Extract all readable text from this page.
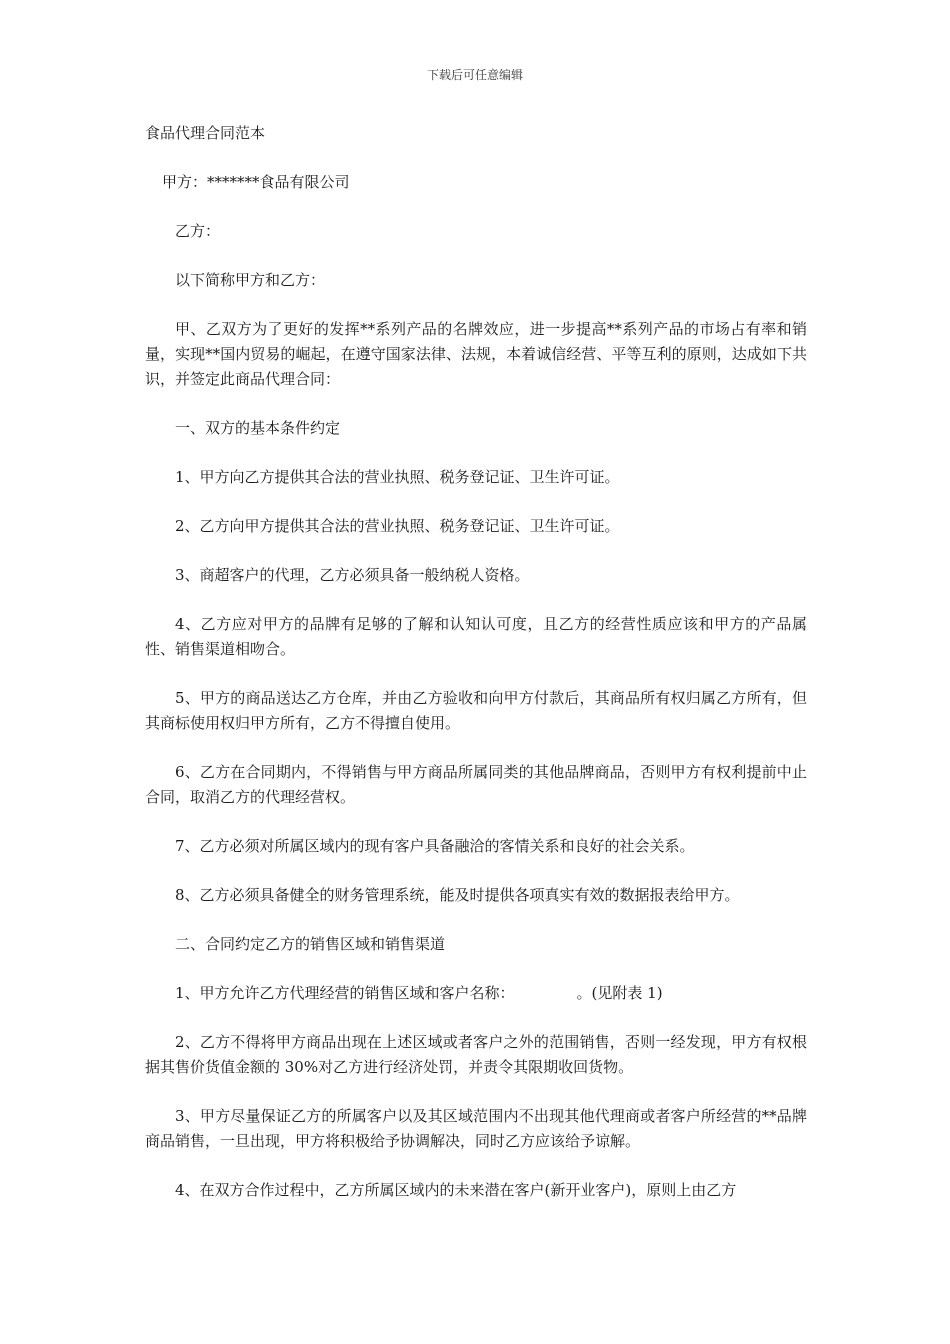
下载后可任意编辑

食品代理合同范本

甲方：*******食品有限公司

乙方：

以下简称甲方和乙方：

甲、乙双方为了更好的发挥**系列产品的名牌效应，进一步提高**系列产品的市场占有率和销量，实现**国内贸易的崛起，在遵守国家法律、法规，本着诚信经营、平等互利的原则，达成如下共识，并签定此商品代理合同：

一、双方的基本条件约定

1、甲方向乙方提供其合法的营业执照、税务登记证、卫生许可证。

2、乙方向甲方提供其合法的营业执照、税务登记证、卫生许可证。

3、商超客户的代理，乙方必须具备一般纳税人资格。

4、乙方应对甲方的品牌有足够的了解和认知认可度，且乙方的经营性质应该和甲方的产品属性、销售渠道相吻合。

5、甲方的商品送达乙方仓库，并由乙方验收和向甲方付款后，其商品所有权归属乙方所有，但其商标使用权归甲方所有，乙方不得擅自使用。

6、乙方在合同期内，不得销售与甲方商品所属同类的其他品牌商品，否则甲方有权利提前中止合同，取消乙方的代理经营权。

7、乙方必须对所属区域内的现有客户具备融洽的客情关系和良好的社会关系。

8、乙方必须具备健全的财务管理系统，能及时提供各项真实有效的数据报表给甲方。

二、合同约定乙方的销售区域和销售渠道

1、甲方允许乙方代理经营的销售区域和客户名称：	。(见附表 1)

2、乙方不得将甲方商品出现在上述区域或者客户之外的范围销售，否则一经发现，甲方有权根据其售价货值金额的 30%对乙方进行经济处罚，并责令其限期收回货物。

3、甲方尽量保证乙方的所属客户以及其区域范围内不出现其他代理商或者客户所经营的**品牌商品销售，一旦出现，甲方将积极给予协调解决，同时乙方应该给予谅解。

4、在双方合作过程中，乙方所属区域内的未来潜在客户(新开业客户)，原则上由乙方
